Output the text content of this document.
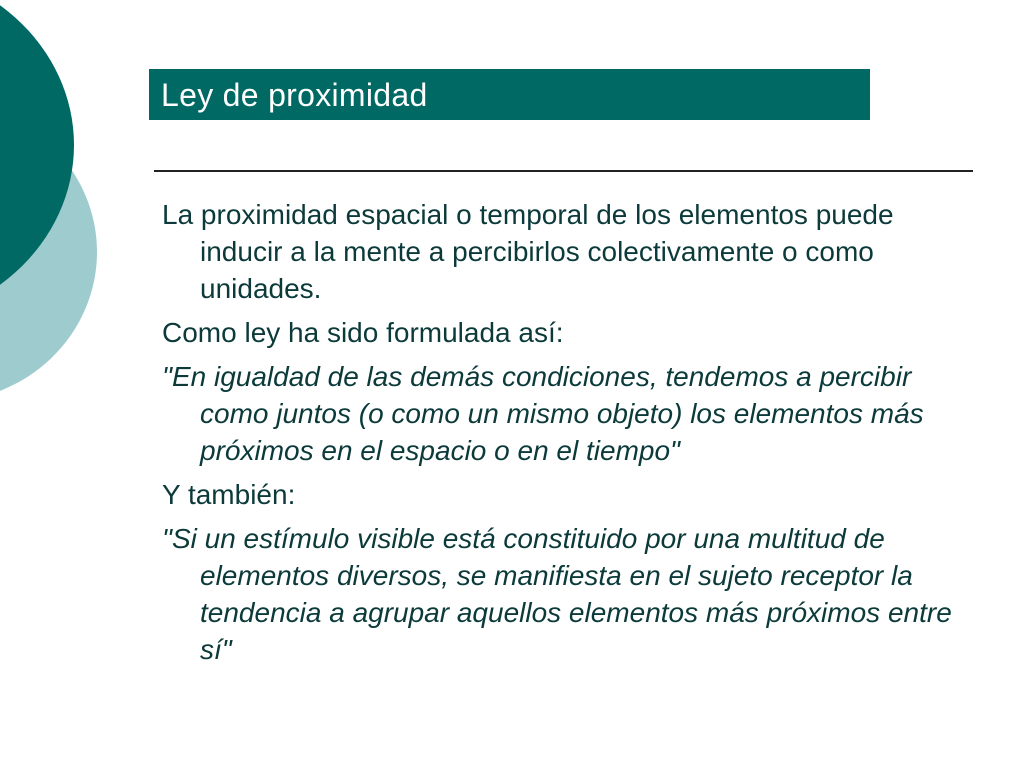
Ley de proximidad

La proximidad espacial o temporal de los elementos puede inducir a la mente a percibirlos colectivamente o como unidades.

Como ley ha sido formulada así:

"En igualdad de las demás condiciones, tendemos a percibir como juntos (o como un mismo objeto) los elementos más próximos en el espacio o en el tiempo"

Y también:

"Si un estímulo visible está constituido por una multitud de elementos diversos, se manifiesta en el sujeto receptor la tendencia a agrupar aquellos elementos más próximos entre sí"
